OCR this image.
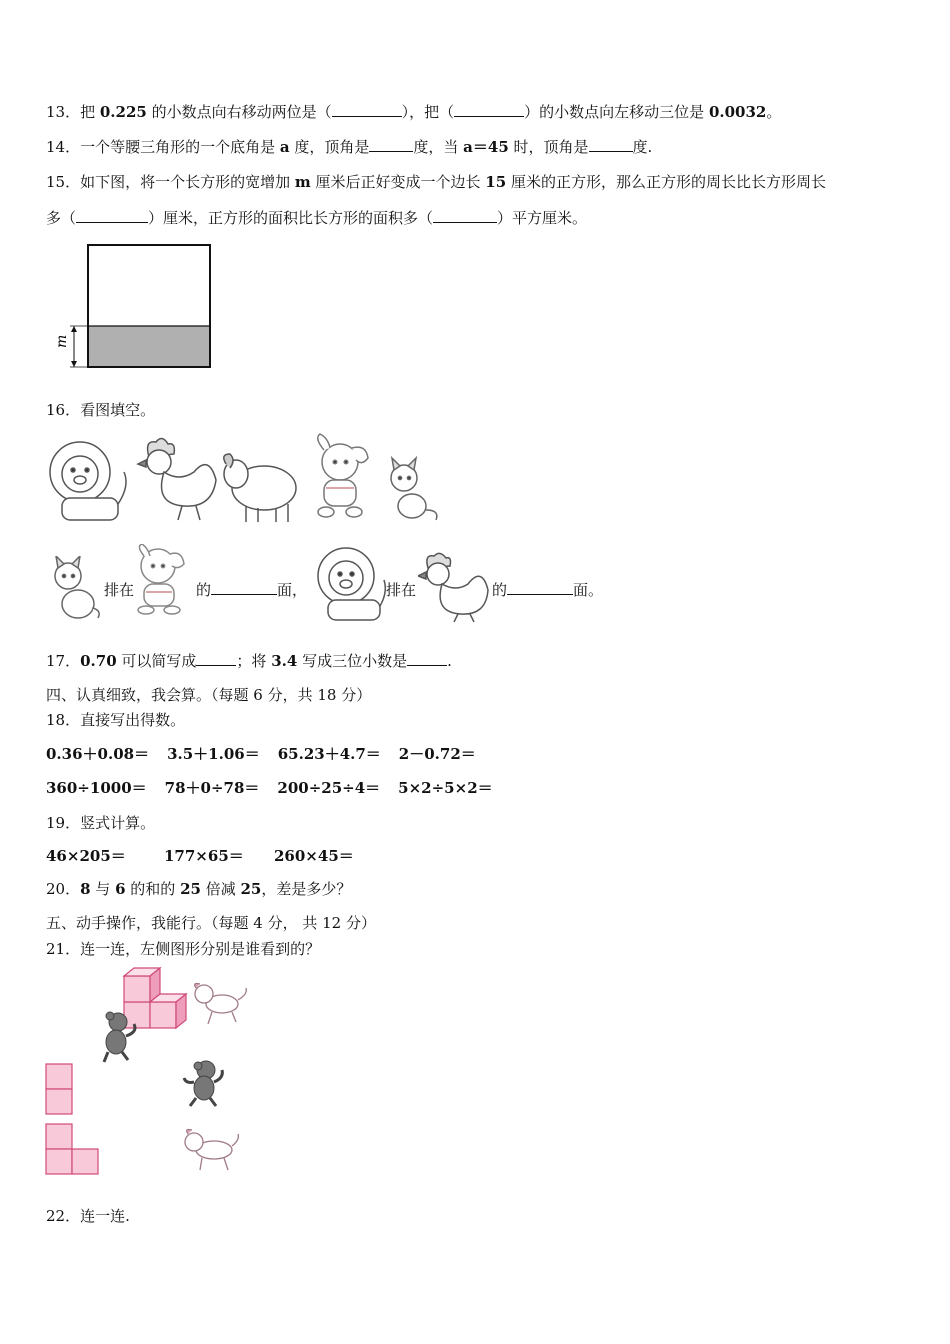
13．把 0.225 的小数点向右移动两位是（	），把（	）的小数点向左移动三位是 0.0032。
14．一个等腰三角形的一个底角是 a 度，顶角是	度，当 a＝45 时，顶角是	度.
15．如下图，将一个长方形的宽增加 m 厘米后正好变成一个边长 15 厘米的正方形，那么正方形的周长比长方形周长
多（	）厘米，正方形的面积比长方形的面积多（	）平方厘米。
m
16．看图填空。
排在	的	面，	排在	的	面。
17．0.70 可以简写成	；将 3.4 写成三位小数是	.
四、认真细致，我会算。（每题 6 分，共 18 分）
18．直接写出得数。
0.36＋0.08＝ 3.5＋1.06＝ 65.23＋4.7＝ 2－0.72＝
360÷1000＝ 78＋0÷78＝ 200÷25÷4＝ 5×2÷5×2＝
19．竖式计算。
46×205＝	177×65＝ 260×45＝
20．8 与 6 的和的 25 倍减 25，差是多少？
五、动手操作，我能行。（每题 4 分， 共 12 分）
21．连一连，左侧图形分别是谁看到的？
22．连一连.
